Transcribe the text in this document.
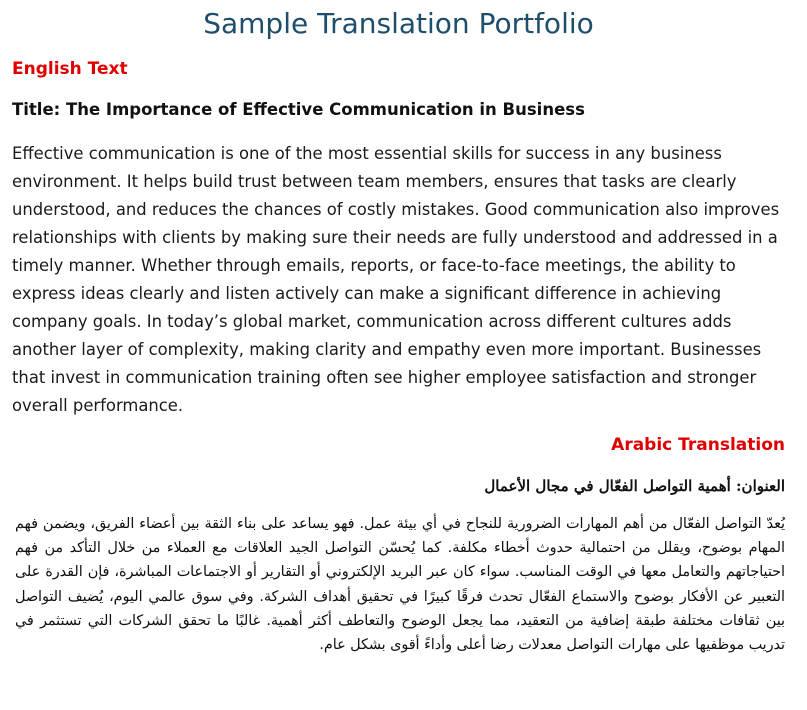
Sample Translation Portfolio
English Text
Title: The Importance of Effective Communication in Business

Effective communication is one of the most essential skills for success in any business environment. It helps build trust between team members, ensures that tasks are clearly understood, and reduces the chances of costly mistakes. Good communication also improves relationships with clients by making sure their needs are fully understood and addressed in a timely manner. Whether through emails, reports, or face-to-face meetings, the ability to express ideas clearly and listen actively can make a significant difference in achieving company goals. In today’s global market, communication across different cultures adds another layer of complexity, making clarity and empathy even more important. Businesses that invest in communication training often see higher employee satisfaction and stronger overall performance.

Arabic Translation
العنوان: أهمية التواصل الفعّال في مجال الأعمال

يُعدّ التواصل الفعّال من أهم المهارات الضرورية للنجاح في أي بيئة عمل. فهو يساعد على بناء الثقة بين أعضاء الفريق، ويضمن فهم المهام بوضوح، ويقلل من احتمالية حدوث أخطاء مكلفة. كما يُحسّن التواصل الجيد العلاقات مع العملاء من خلال التأكد من فهم احتياجاتهم والتعامل معها في الوقت المناسب. سواء كان عبر البريد الإلكتروني أو التقارير أو الاجتماعات المباشرة، فإن القدرة على التعبير عن الأفكار بوضوح والاستماع الفعّال تحدث فرقًا كبيرًا في تحقيق أهداف الشركة. وفي سوق عالمي اليوم، يُضيف التواصل بين ثقافات مختلفة طبقة إضافية من التعقيد، مما يجعل الوضوح والتعاطف أكثر أهمية. غالبًا ما تحقق الشركات التي تستثمر في تدريب موظفيها على مهارات التواصل معدلات رضا أعلى وأداءً أقوى بشكل عام.
